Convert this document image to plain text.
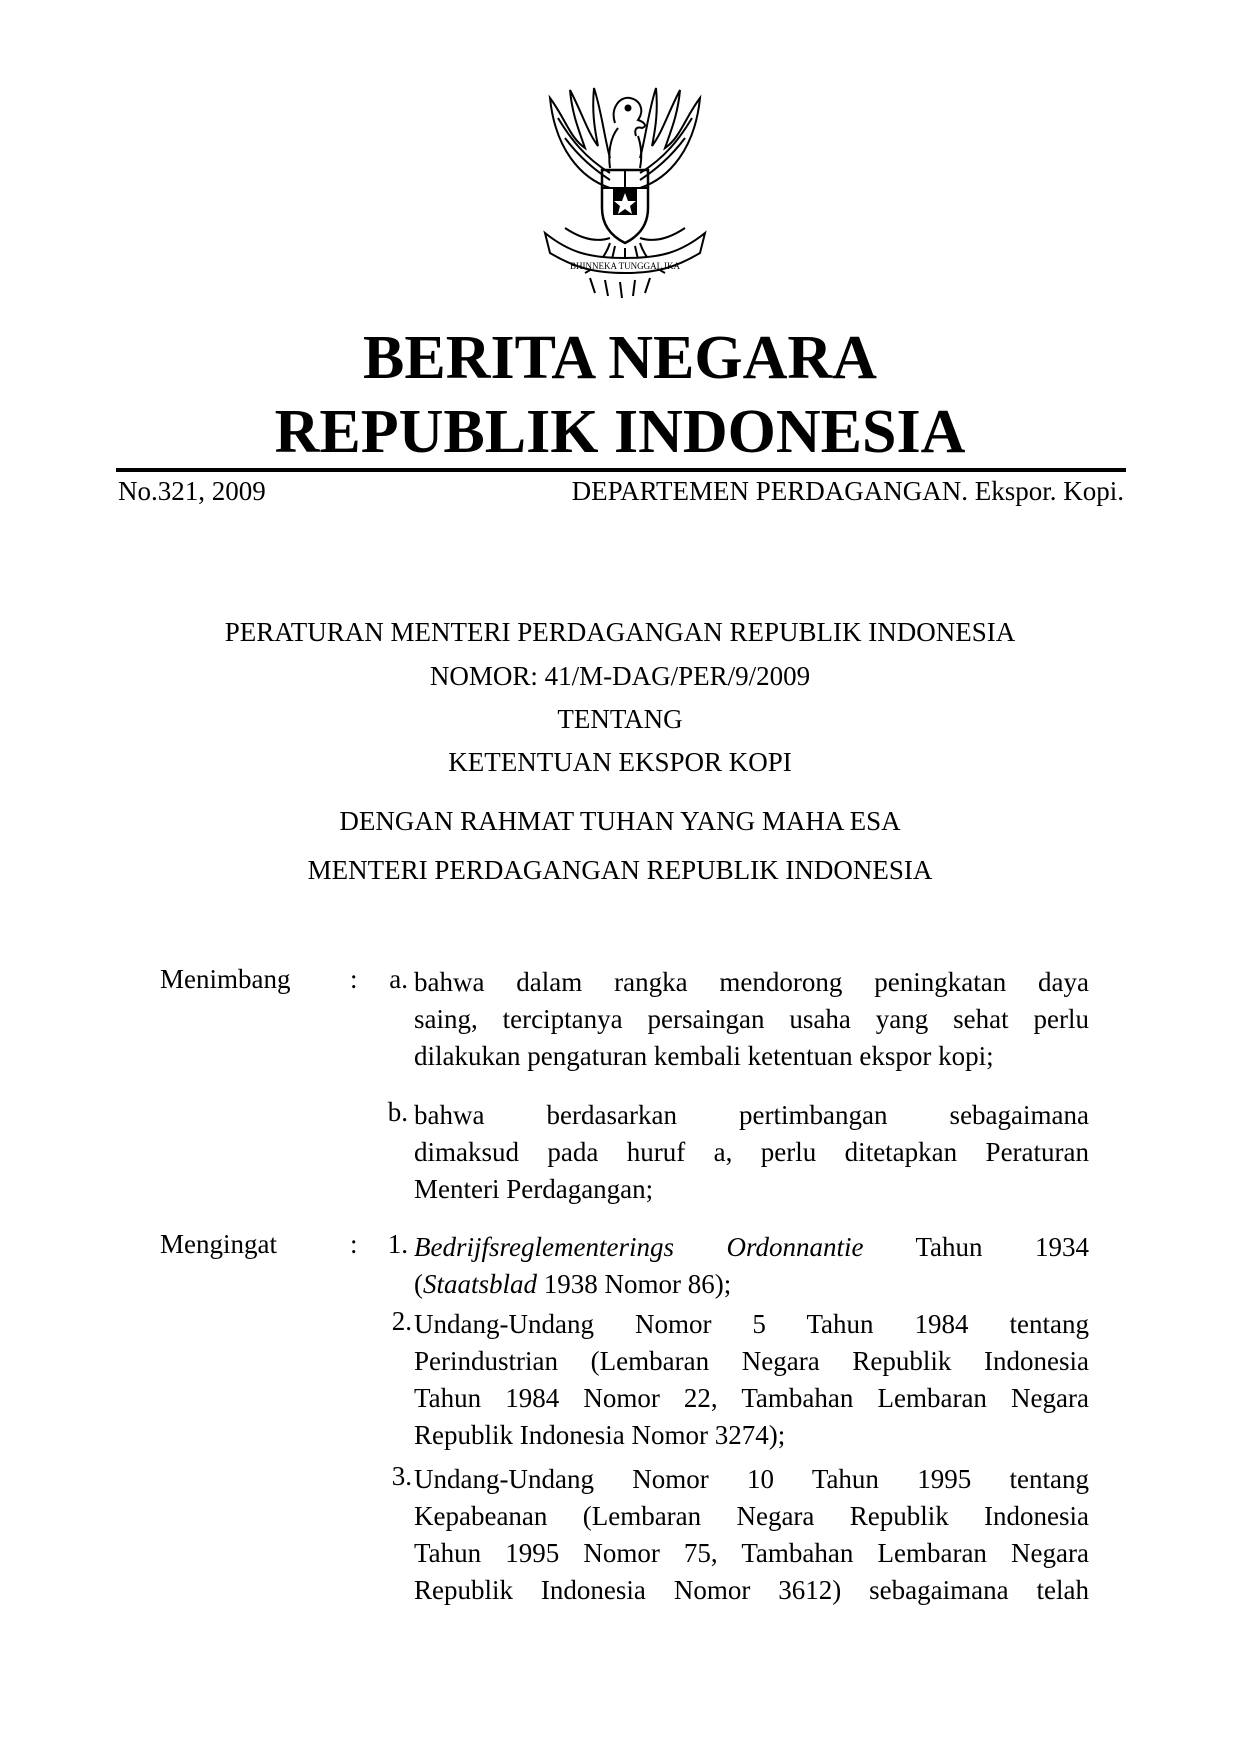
BHINNEKA TUNGGAL IKA
BERITA NEGARA
REPUBLIK INDONESIA
No.321, 2009	DEPARTEMEN PERDAGANGAN. Ekspor. Kopi.
PERATURAN MENTERI PERDAGANGAN REPUBLIK INDONESIA
NOMOR: 41/M-DAG/PER/9/2009
TENTANG
KETENTUAN EKSPOR KOPI
DENGAN RAHMAT TUHAN YANG MAHA ESA
MENTERI PERDAGANGAN REPUBLIK INDONESIA
Menimbang :	a. bahwa dalam rangka mendorong peningkatan daya
saing, terciptanya persaingan usaha yang sehat perlu
dilakukan pengaturan kembali ketentuan ekspor kopi;
b. bahwa berdasarkan pertimbangan sebagaimana
dimaksud pada huruf a, perlu ditetapkan Peraturan
Menteri Perdagangan;
Mengingat	:	1. Bedrijfsreglementerings Ordonnantie Tahun 1934
(Staatsblad 1938 Nomor 86);
2. Undang-Undang Nomor 5 Tahun 1984 tentang
Perindustrian (Lembaran Negara Republik Indonesia
Tahun 1984 Nomor 22, Tambahan Lembaran Negara
Republik Indonesia Nomor 3274);
3. Undang-Undang Nomor 10 Tahun 1995 tentang
Kepabeanan (Lembaran Negara Republik Indonesia
Tahun 1995 Nomor 75, Tambahan Lembaran Negara
Republik Indonesia Nomor 3612) sebagaimana telah
